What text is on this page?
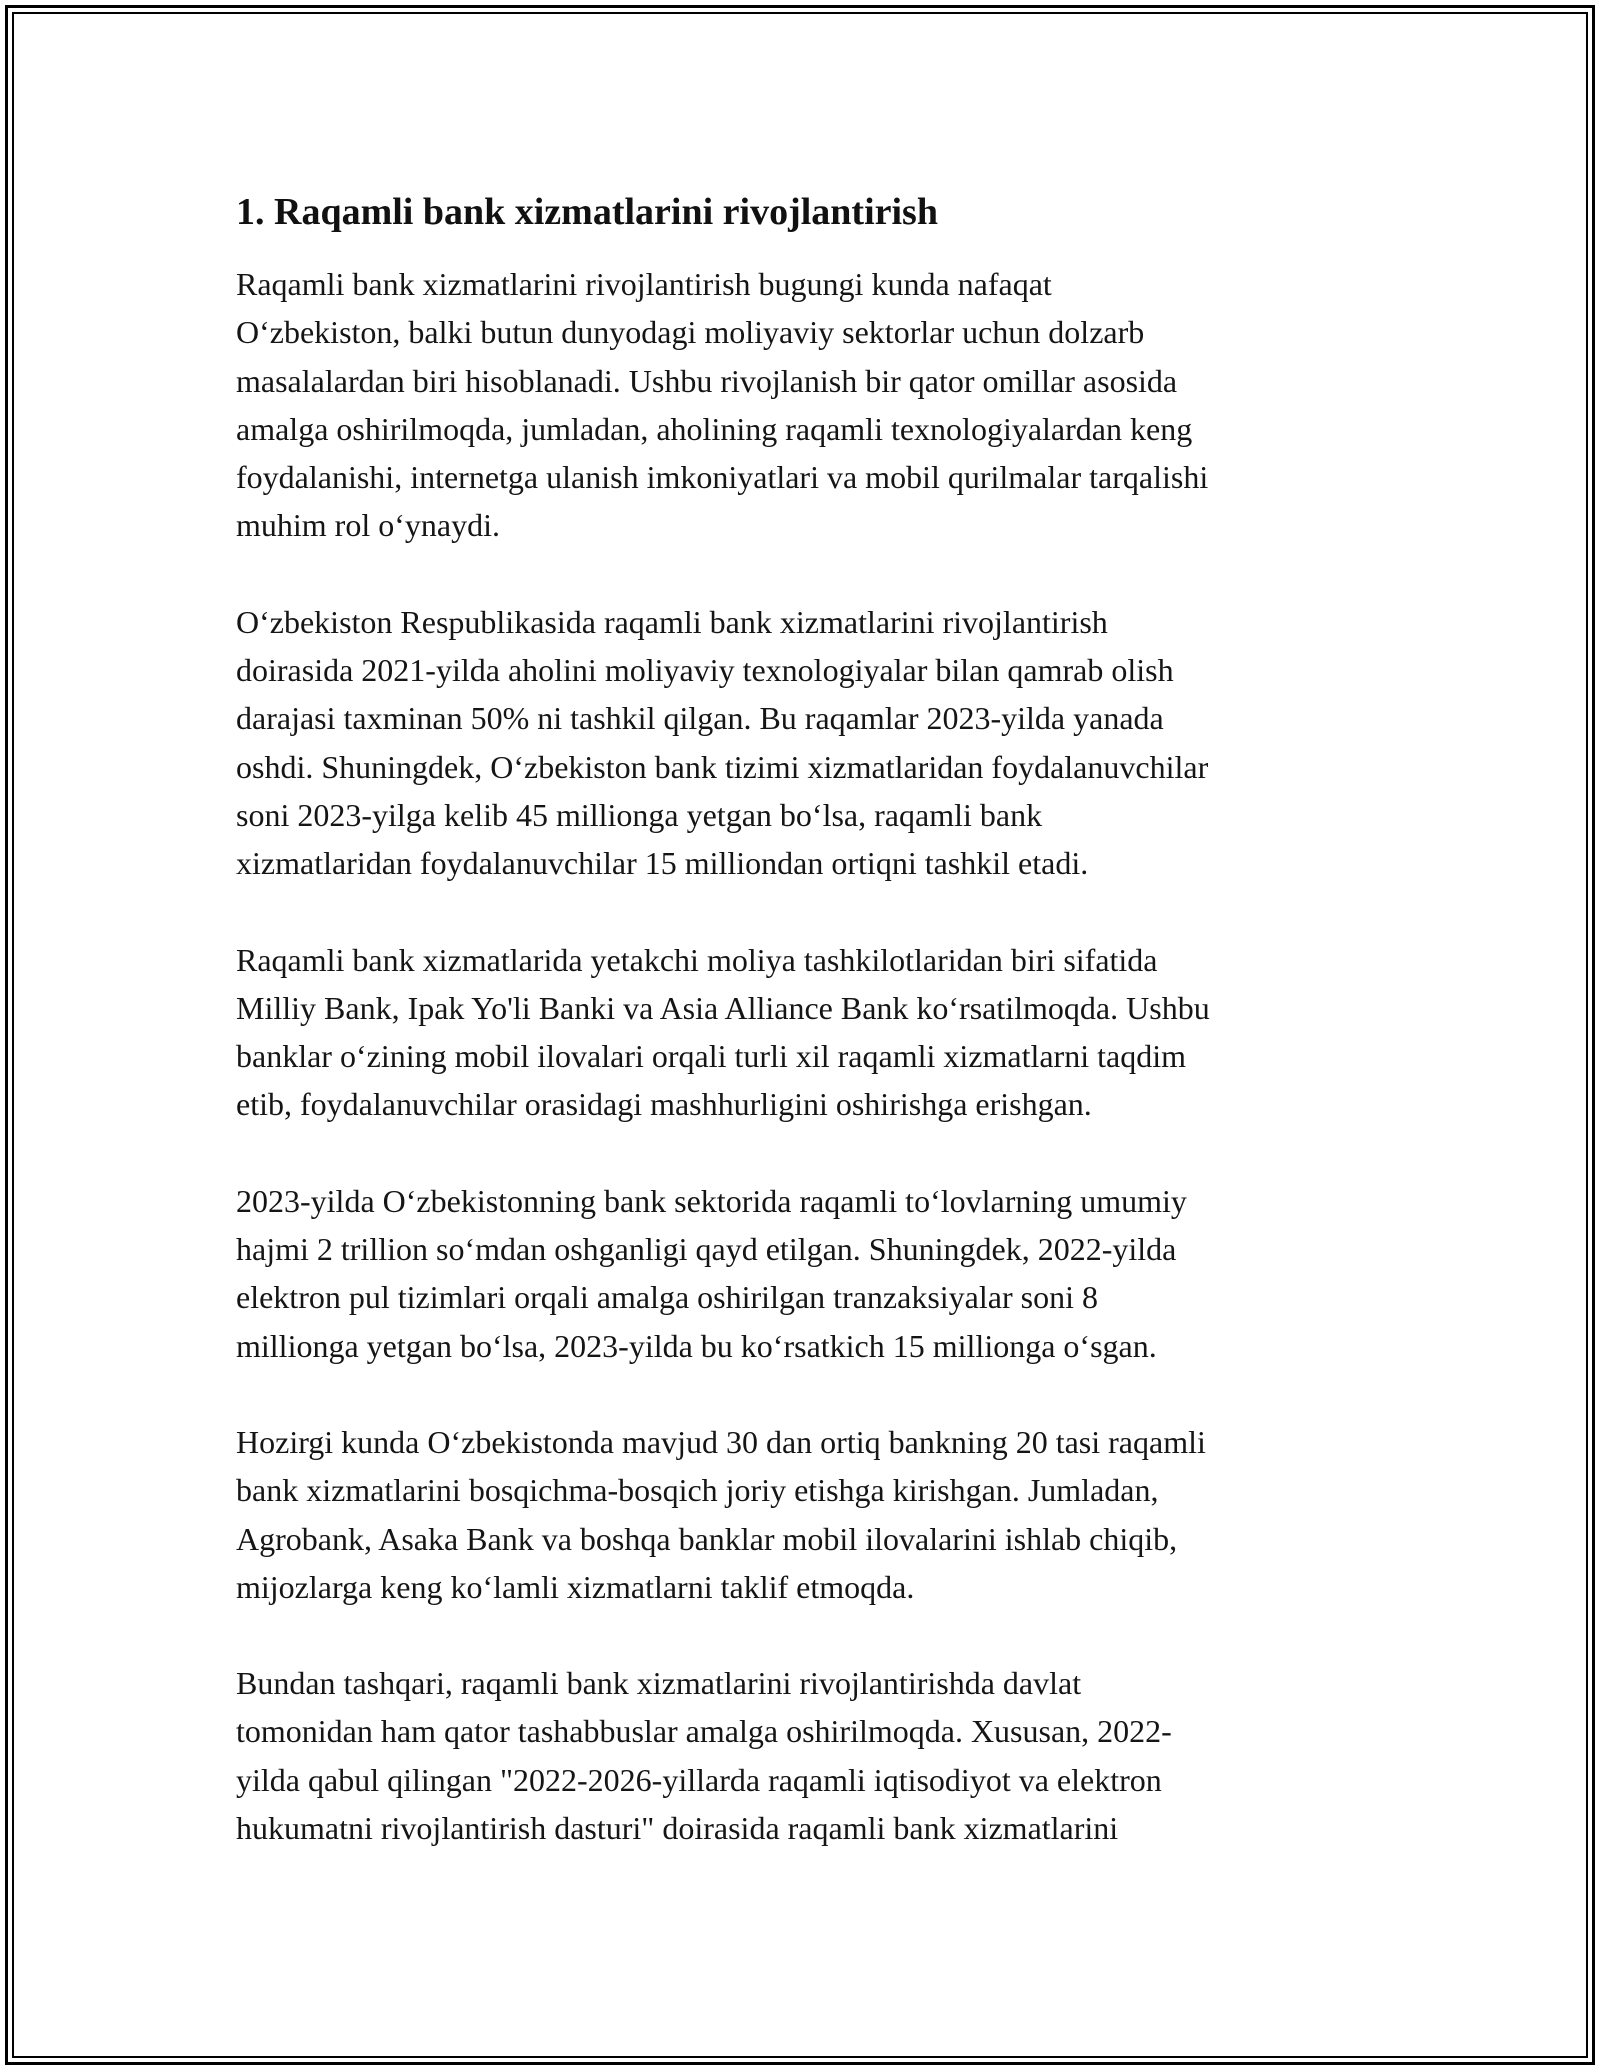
1. Raqamli bank xizmatlarini rivojlantirish

Raqamli bank xizmatlarini rivojlantirish bugungi kunda nafaqat
O‘zbekiston, balki butun dunyodagi moliyaviy sektorlar uchun dolzarb
masalalardan biri hisoblanadi. Ushbu rivojlanish bir qator omillar asosida
amalga oshirilmoqda, jumladan, aholining raqamli texnologiyalardan keng
foydalanishi, internetga ulanish imkoniyatlari va mobil qurilmalar tarqalishi
muhim rol o‘ynaydi.

O‘zbekiston Respublikasida raqamli bank xizmatlarini rivojlantirish
doirasida 2021-yilda aholini moliyaviy texnologiyalar bilan qamrab olish
darajasi taxminan 50% ni tashkil qilgan. Bu raqamlar 2023-yilda yanada
oshdi. Shuningdek, O‘zbekiston bank tizimi xizmatlaridan foydalanuvchilar
soni 2023-yilga kelib 45 millionga yetgan bo‘lsa, raqamli bank
xizmatlaridan foydalanuvchilar 15 milliondan ortiqni tashkil etadi.

Raqamli bank xizmatlarida yetakchi moliya tashkilotlaridan biri sifatida
Milliy Bank, Ipak Yo'li Banki va Asia Alliance Bank ko‘rsatilmoqda. Ushbu
banklar o‘zining mobil ilovalari orqali turli xil raqamli xizmatlarni taqdim
etib, foydalanuvchilar orasidagi mashhurligini oshirishga erishgan.

2023-yilda O‘zbekistonning bank sektorida raqamli to‘lovlarning umumiy
hajmi 2 trillion so‘mdan oshganligi qayd etilgan. Shuningdek, 2022-yilda
elektron pul tizimlari orqali amalga oshirilgan tranzaksiyalar soni 8
millionga yetgan bo‘lsa, 2023-yilda bu ko‘rsatkich 15 millionga o‘sgan.

Hozirgi kunda O‘zbekistonda mavjud 30 dan ortiq bankning 20 tasi raqamli
bank xizmatlarini bosqichma-bosqich joriy etishga kirishgan. Jumladan,
Agrobank, Asaka Bank va boshqa banklar mobil ilovalarini ishlab chiqib,
mijozlarga keng ko‘lamli xizmatlarni taklif etmoqda.

Bundan tashqari, raqamli bank xizmatlarini rivojlantirishda davlat
tomonidan ham qator tashabbuslar amalga oshirilmoqda. Xususan, 2022-
yilda qabul qilingan "2022-2026-yillarda raqamli iqtisodiyot va elektron
hukumatni rivojlantirish dasturi" doirasida raqamli bank xizmatlarini
